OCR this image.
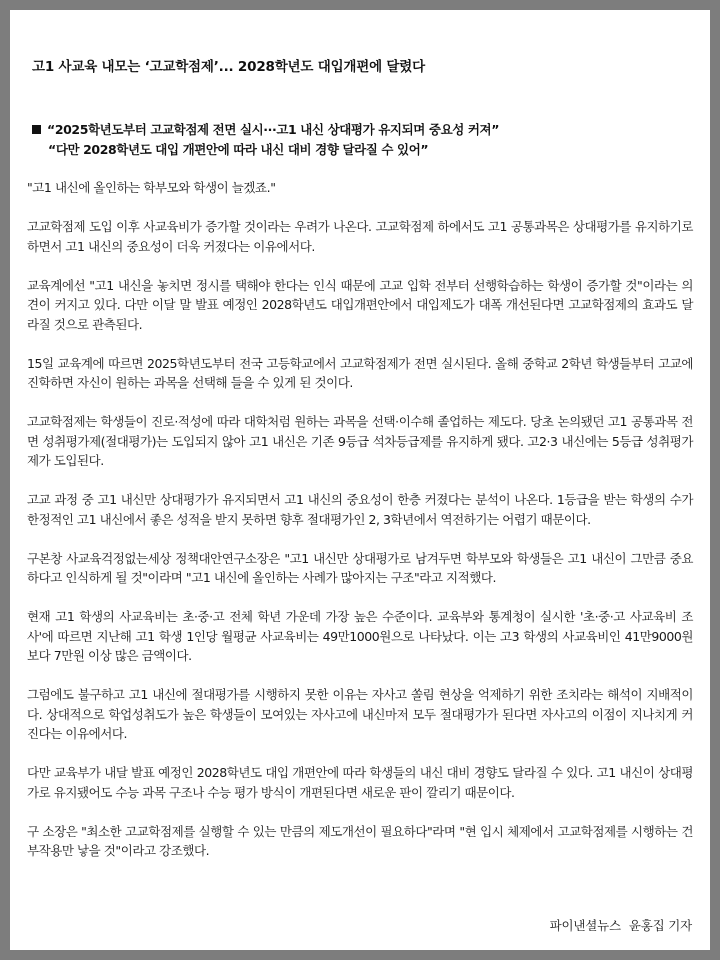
고1 사교육 내모는 ‘고교학점제’... 2028학년도 대입개편에 달렸다
“2025학년도부터 고교학점제 전면 실시···고1 내신 상대평가 유지되며 중요성 커져”
“다만 2028학년도 대입 개편안에 따라 내신 대비 경향 달라질 수 있어”

"고1 내신에 올인하는 학부모와 학생이 늘겠죠."

고교학점제 도입 이후 사교육비가 증가할 것이라는 우려가 나온다. 고교학점제 하에서도 고1 공통과목은 상대평가를 유지하기로 하면서 고1 내신의 중요성이 더욱 커졌다는 이유에서다.

교육계에선 "고1 내신을 놓치면 정시를 택해야 한다는 인식 때문에 고교 입학 전부터 선행학습하는 학생이 증가할 것"이라는 의견이 커지고 있다. 다만 이달 말 발표 예정인 2028학년도 대입개편안에서 대입제도가 대폭 개선된다면 고교학점제의 효과도 달라질 것으로 관측된다.

15일 교육계에 따르면 2025학년도부터 전국 고등학교에서 고교학점제가 전면 실시된다. 올해 중학교 2학년 학생들부터 고교에 진학하면 자신이 원하는 과목을 선택해 들을 수 있게 된 것이다.

고교학점제는 학생들이 진로·적성에 따라 대학처럼 원하는 과목을 선택·이수해 졸업하는 제도다. 당초 논의됐던 고1 공통과목 전면 성취평가제(절대평가)는 도입되지 않아 고1 내신은 기존 9등급 석차등급제를 유지하게 됐다. 고2·3 내신에는 5등급 성취평가제가 도입된다.

고교 과정 중 고1 내신만 상대평가가 유지되면서 고1 내신의 중요성이 한층 커졌다는 분석이 나온다. 1등급을 받는 학생의 수가 한정적인 고1 내신에서 좋은 성적을 받지 못하면 향후 절대평가인 2, 3학년에서 역전하기는 어렵기 때문이다.

구본창 사교육걱정없는세상 정책대안연구소장은 "고1 내신만 상대평가로 남겨두면 학부모와 학생들은 고1 내신이 그만큼 중요하다고 인식하게 될 것"이라며 "고1 내신에 올인하는 사례가 많아지는 구조"라고 지적했다.

현재 고1 학생의 사교육비는 초·중·고 전체 학년 가운데 가장 높은 수준이다. 교육부와 통계청이 실시한 '초·중·고 사교육비 조사'에 따르면 지난해 고1 학생 1인당 월평균 사교육비는 49만1000원으로 나타났다. 이는 고3 학생의 사교육비인 41만9000원보다 7만원 이상 많은 금액이다.

그럼에도 불구하고 고1 내신에 절대평가를 시행하지 못한 이유는 자사고 쏠림 현상을 억제하기 위한 조치라는 해석이 지배적이다. 상대적으로 학업성취도가 높은 학생들이 모여있는 자사고에 내신마저 모두 절대평가가 된다면 자사고의 이점이 지나치게 커진다는 이유에서다.

다만 교육부가 내달 발표 예정인 2028학년도 대입 개편안에 따라 학생들의 내신 대비 경향도 달라질 수 있다. 고1 내신이 상대평가로 유지됐어도 수능 과목 구조나 수능 평가 방식이 개편된다면 새로운 판이 깔리기 때문이다.

구 소장은 "최소한 고교학점제를 실행할 수 있는 만큼의 제도개선이 필요하다"라며 "현 입시 체제에서 고교학점제를 시행하는 건 부작용만 낳을 것"이라고 강조했다.

파이낸셜뉴스 윤홍집 기자
